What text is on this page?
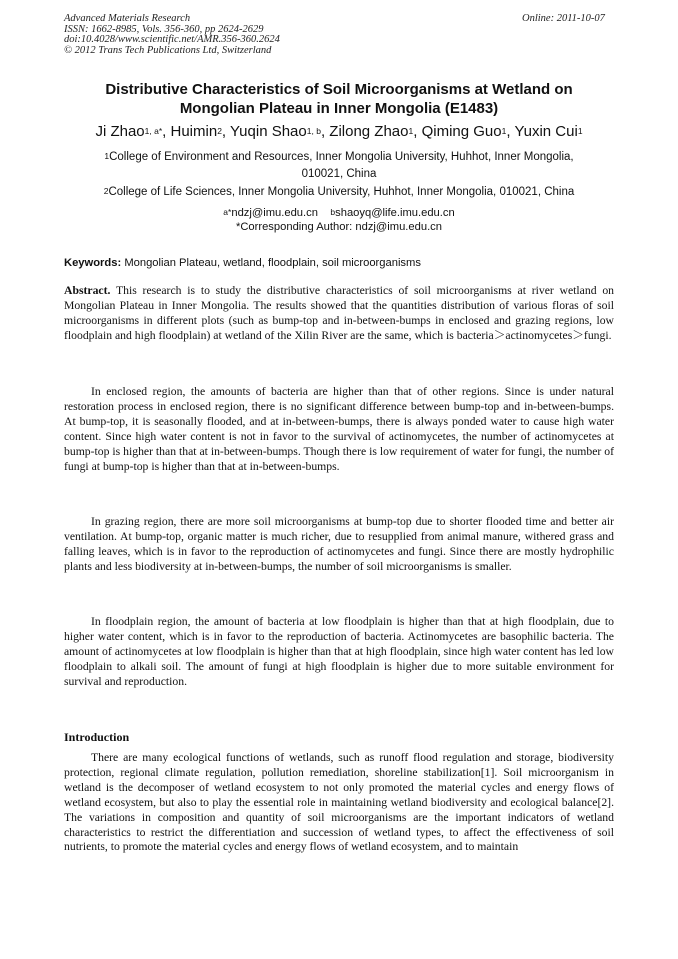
Advanced Materials Research
ISSN: 1662-8985, Vols. 356-360, pp 2624-2629
doi:10.4028/www.scientific.net/AMR.356-360.2624
© 2012 Trans Tech Publications Ltd, Switzerland
Online: 2011-10-07
Distributive Characteristics of Soil Microorganisms at Wetland on
Mongolian Plateau in Inner Mongolia (E1483)
Ji Zhao$^{1, a*}$, Huimin$^2$, Yuqin Shao$^{1, b}$, Zilong Zhao$^1$, Qiming Guo$^1$, Yuxin Cui$^1$
$^1$College of Environment and Resources, Inner Mongolia University, Huhhot, Inner Mongolia,
010021, China
$^2$College of Life Sciences, Inner Mongolia University, Huhhot, Inner Mongolia, 010021, China
$^{a*}$ndzj@imu.edu.cn $^b$shaoyq@life.imu.edu.cn
*Corresponding Author: ndzj@imu.edu.cn
Keywords: Mongolian Plateau, wetland, floodplain, soil microorganisms

Abstract. This research is to study the distributive characteristics of soil microorganisms at river wetland on Mongolian Plateau in Inner Mongolia. The results showed that the quantities distribution of various floras of soil microorganisms in different plots (such as bump-top and in-between-bumps in enclosed and grazing regions, low floodplain and high floodplain) at wetland of the Xilin River are the same, which is bacteria＞actinomycetes＞fungi.

In enclosed region, the amounts of bacteria are higher than that of other regions. Since is under natural restoration process in enclosed region, there is no significant difference between bump-top and in-between-bumps. At bump-top, it is seasonally flooded, and at in-between-bumps, there is always ponded water to cause high water content. Since high water content is not in favor to the survival of actinomycetes, the number of actinomycetes at bump-top is higher than that at in-between-bumps. Though there is low requirement of water for fungi, the number of fungi at bump-top is higher than that at in-between-bumps.

In grazing region, there are more soil microorganisms at bump-top due to shorter flooded time and better air ventilation. At bump-top, organic matter is much richer, due to resupplied from animal manure, withered grass and falling leaves, which is in favor to the reproduction of actinomycetes and fungi. Since there are mostly hydrophilic plants and less biodiversity at in-between-bumps, the number of soil microorganisms is smaller.

In floodplain region, the amount of bacteria at low floodplain is higher than that at high floodplain, due to higher water content, which is in favor to the reproduction of bacteria. Actinomycetes are basophilic bacteria. The amount of actinomycetes at low floodplain is higher than that at high floodplain, since high water content has led low floodplain to alkali soil. The amount of fungi at high floodplain is higher due to more suitable environment for survival and reproduction.

Introduction

There are many ecological functions of wetlands, such as runoff flood regulation and storage, biodiversity protection, regional climate regulation, pollution remediation, shoreline stabilization[1]. Soil microorganism in wetland is the decomposer of wetland ecosystem to not only promoted the material cycles and energy flows of wetland ecosystem, but also to play the essential role in maintaining wetland biodiversity and ecological balance[2]. The variations in composition and quantity of soil microorganisms are the important indicators of wetland characteristics to restrict the differentiation and succession of wetland types, to affect the effectiveness of soil nutrients, to promote the material cycles and energy flows of wetland ecosystem, and to maintain
